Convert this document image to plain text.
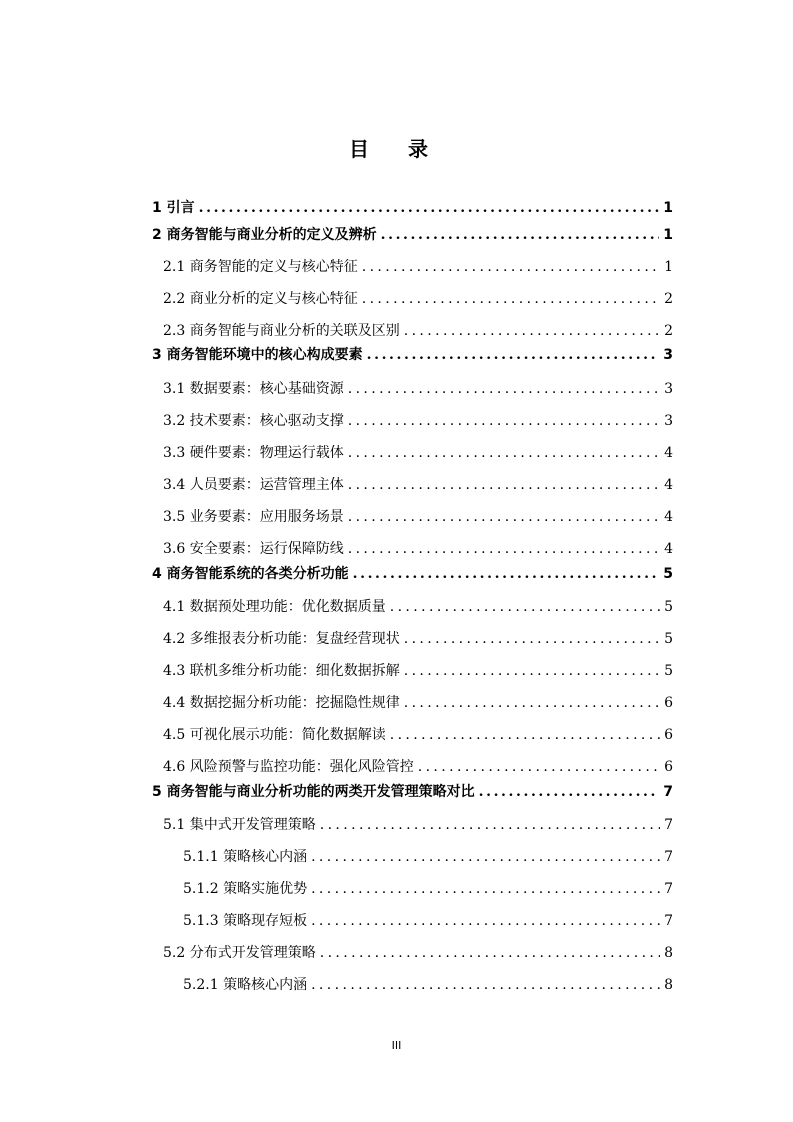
目 录
1 引言 .....	1
2 商务智能与商业分析的定义及辨析 .....	1
2.1 商务智能的定义与核心特征 .....	1
2.2 商业分析的定义与核心特征 .....	2
2.3 商务智能与商业分析的关联及区别 .....	2
3 商务智能环境中的核心构成要素 .....	3
3.1 数据要素：核心基础资源 .....	3
3.2 技术要素：核心驱动支撑 .....	3
3.3 硬件要素：物理运行载体 .....	4
3.4 人员要素：运营管理主体 .....	4
3.5 业务要素：应用服务场景 .....	4
3.6 安全要素：运行保障防线 .....	4
4 商务智能系统的各类分析功能 .....	5
4.1 数据预处理功能：优化数据质量 .....	5
4.2 多维报表分析功能：复盘经营现状 .....	5
4.3 联机多维分析功能：细化数据拆解 .....	5
4.4 数据挖掘分析功能：挖掘隐性规律 .....	6
4.5 可视化展示功能：简化数据解读 .....	6
4.6 风险预警与监控功能：强化风险管控 .....	6
5 商务智能与商业分析功能的两类开发管理策略对比 .....	7
5.1 集中式开发管理策略 .....	7
5.1.1 策略核心内涵 .....	7
5.1.2 策略实施优势 .....	7
5.1.3 策略现存短板 .....	7
5.2 分布式开发管理策略 .....	8
5.2.1 策略核心内涵 .....	8
III
